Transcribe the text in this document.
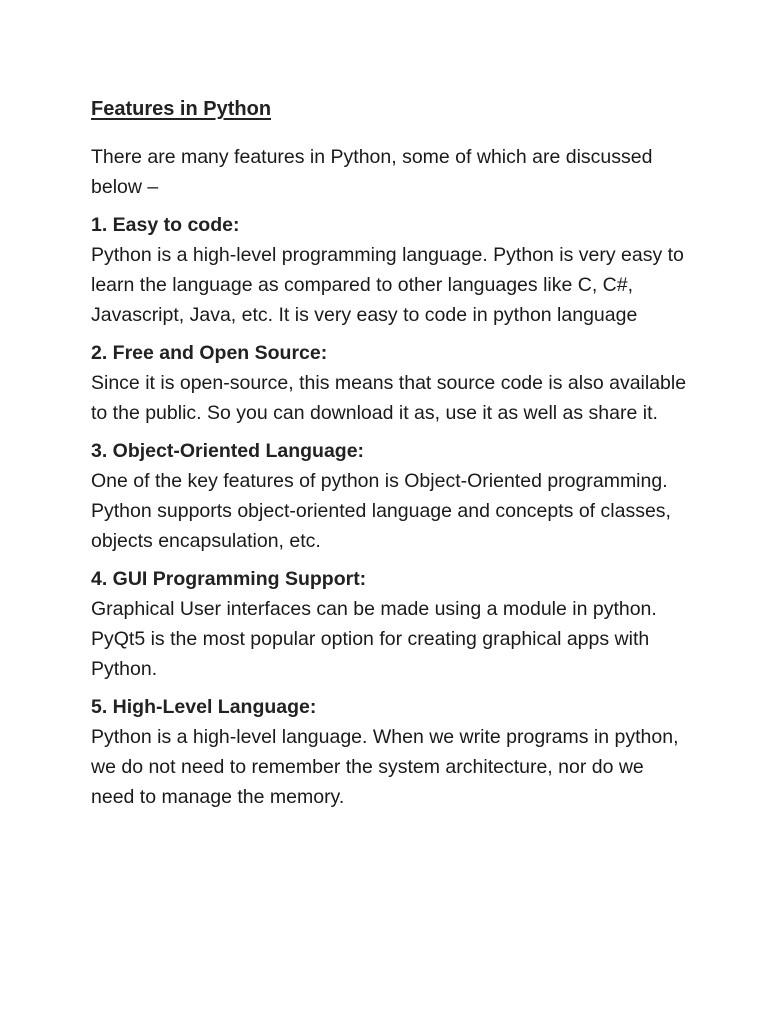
Features in Python

There are many features in Python, some of which are discussed below –

1. Easy to code:

Python is a high-level programming language. Python is very easy to learn the language as compared to other languages like C, C#, Javascript, Java, etc. It is very easy to code in python language

2. Free and Open Source:

Since it is open-source, this means that source code is also available to the public. So you can download it as, use it as well as share it.

3. Object-Oriented Language:

One of the key features of python is Object-Oriented programming. Python supports object-oriented language and concepts of classes, objects encapsulation, etc.

4. GUI Programming Support:

Graphical User interfaces can be made using a module in python. PyQt5 is the most popular option for creating graphical apps with Python.

5. High-Level Language:

Python is a high-level language. When we write programs in python, we do not need to remember the system architecture, nor do we need to manage the memory.
